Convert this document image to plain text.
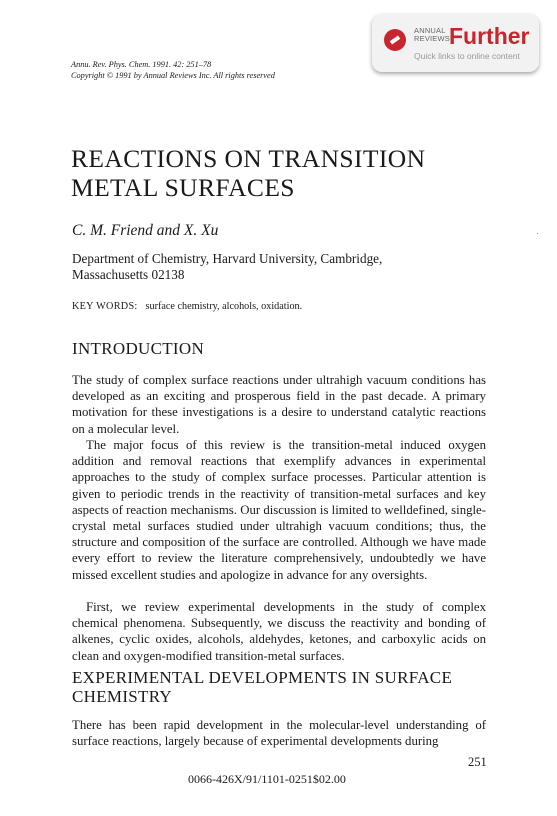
ANNUAL REVIEWS Further
Quick links to online content
Annu. Rev. Phys. Chem. 1991. 42: 251–78
Copyright © 1991 by Annual Reviews Inc. All rights reserved
REACTIONS ON TRANSITION
METAL SURFACES
C. M. Friend and X. Xu
Department of Chemistry, Harvard University, Cambridge,
Massachusetts 02138
KEY WORDS: surface chemistry, alcohols, oxidation.
INTRODUCTION

The study of complex surface reactions under ultrahigh vacuum conditions has developed as an exciting and prosperous field in the past decade. A primary motivation for these investigations is a desire to understand catalytic reactions on a molecular level.

The major focus of this review is the transition-metal induced oxygen addition and removal reactions that exemplify advances in experimental approaches to the study of complex surface processes. Particular attention is given to periodic trends in the reactivity of transition-metal surfaces and key aspects of reaction mechanisms. Our discussion is limited to welldefined, single-crystal metal surfaces studied under ultrahigh vacuum conditions; thus, the structure and composition of the surface are controlled. Although we have made every effort to review the literature comprehensively, undoubtedly we have missed excellent studies and apologize in advance for any oversights.

First, we review experimental developments in the study of complex chemical phenomena. Subsequently, we discuss the reactivity and bonding of alkenes, cyclic oxides, alcohols, aldehydes, ketones, and carboxylic acids on clean and oxygen-modified transition-metal surfaces.

EXPERIMENTAL DEVELOPMENTS IN SURFACE CHEMISTRY

There has been rapid development in the molecular-level understanding of surface reactions, largely because of experimental developments during

251
0066-426X/91/1101-0251$02.00
